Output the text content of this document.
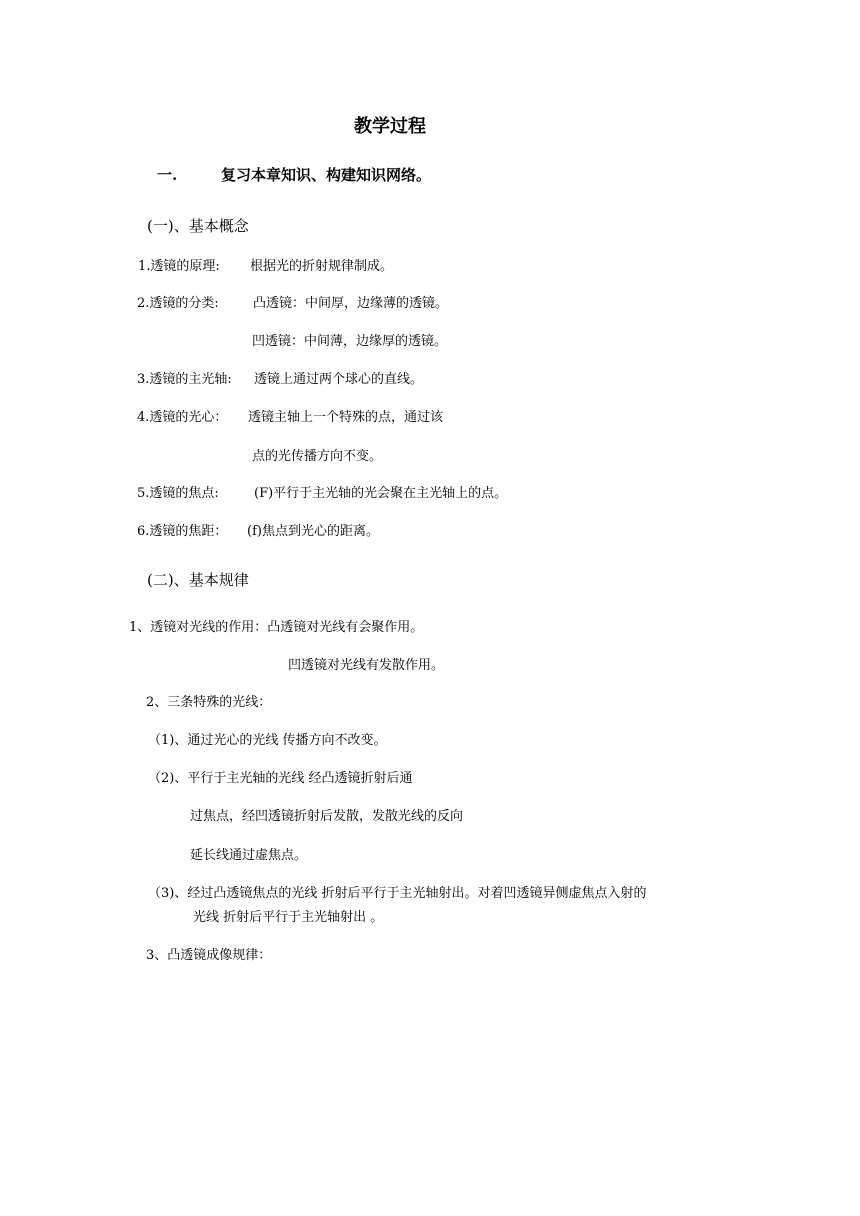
教学过程
一.	复习本章知识、构建知识网络。
(一)、基本概念
1.透镜的原理: 根据光的折射规律制成。
2.透镜的分类:	凸透镜：中间厚，边缘薄的透镜。
凹透镜：中间薄，边缘厚的透镜。
3.透镜的主光轴: 透镜上通过两个球心的直线。
4.透镜的光心： 透镜主轴上一个特殊的点，通过该
点的光传播方向不变。
5.透镜的焦点:	(F)平行于主光轴的光会聚在主光轴上的点。
6.透镜的焦距： (f)焦点到光心的距离。
(二)、基本规律
1、透镜对光线的作用：凸透镜对光线有会聚作用。
凹透镜对光线有发散作用。
2、三条特殊的光线：
（1)、通过光心的光线 传播方向不改变。
（2)、平行于主光轴的光线 经凸透镜折射后通
过焦点，经凹透镜折射后发散，发散光线的反向
延长线通过虚焦点。
（3)、经过凸透镜焦点的光线 折射后平行于主光轴射出。对着凹透镜异侧虚焦点入射的
光线 折射后平行于主光轴射出 。
3、凸透镜成像规律：
